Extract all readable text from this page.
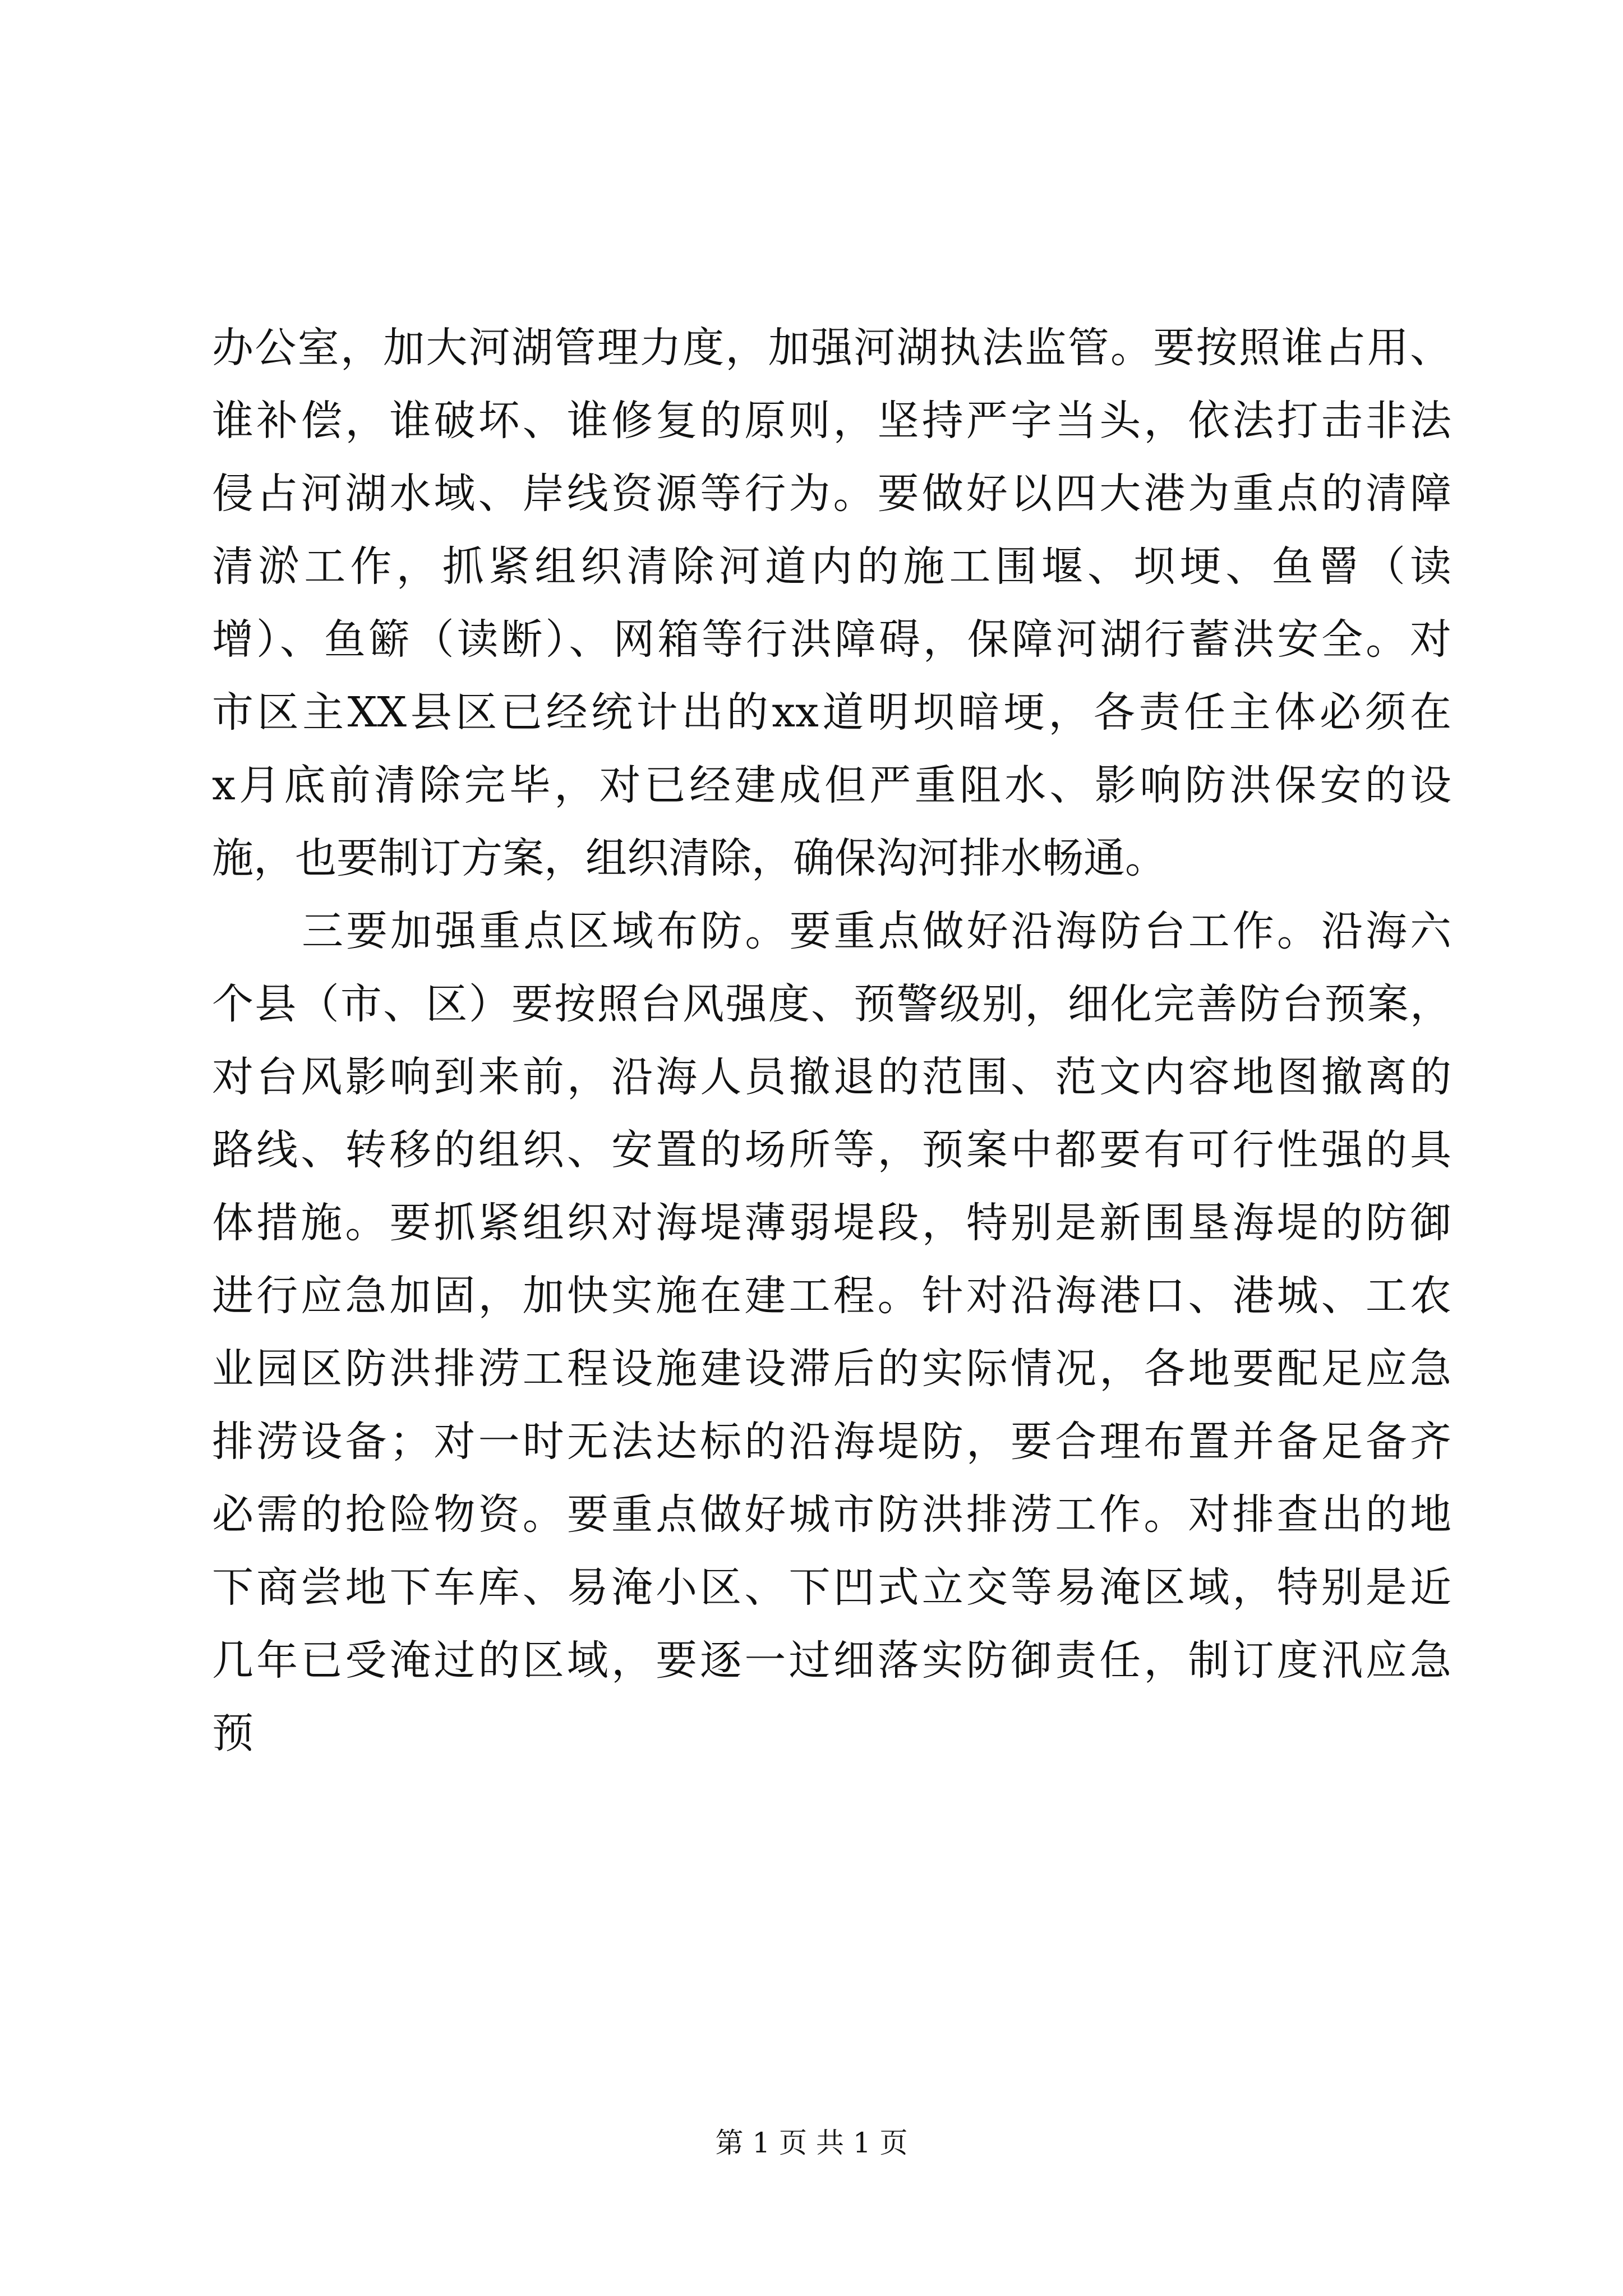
办公室，加大河湖管理力度，加强河湖执法监管。要按照谁占用、
谁补偿，谁破坏、谁修复的原则，坚持严字当头，依法打击非法
侵占河湖水域、岸线资源等行为。要做好以四大港为重点的清障
清淤工作，抓紧组织清除河道内的施工围堰、坝埂、鱼罾（读
增）、鱼簖（读断）、网箱等行洪障碍，保障河湖行蓄洪安全。对
市区主XX县区已经统计出的xx道明坝暗埂，各责任主体必须在
x月底前清除完毕，对已经建成但严重阻水、影响防洪保安的设
施，也要制订方案，组织清除，确保沟河排水畅通。
三要加强重点区域布防。要重点做好沿海防台工作。沿海六
个县（市、区）要按照台风强度、预警级别，细化完善防台预案，
对台风影响到来前，沿海人员撤退的范围、范文内容地图撤离的
路线、转移的组织、安置的场所等，预案中都要有可行性强的具
体措施。要抓紧组织对海堤薄弱堤段，特别是新围垦海堤的防御
进行应急加固，加快实施在建工程。针对沿海港口、港城、工农
业园区防洪排涝工程设施建设滞后的实际情况，各地要配足应急
排涝设备；对一时无法达标的沿海堤防，要合理布置并备足备齐
必需的抢险物资。要重点做好城市防洪排涝工作。对排查出的地
下商尝地下车库、易淹小区、下凹式立交等易淹区域，特别是近
几年已受淹过的区域，要逐一过细落实防御责任，制订度汛应急
预
第 1 页 共 1 页
